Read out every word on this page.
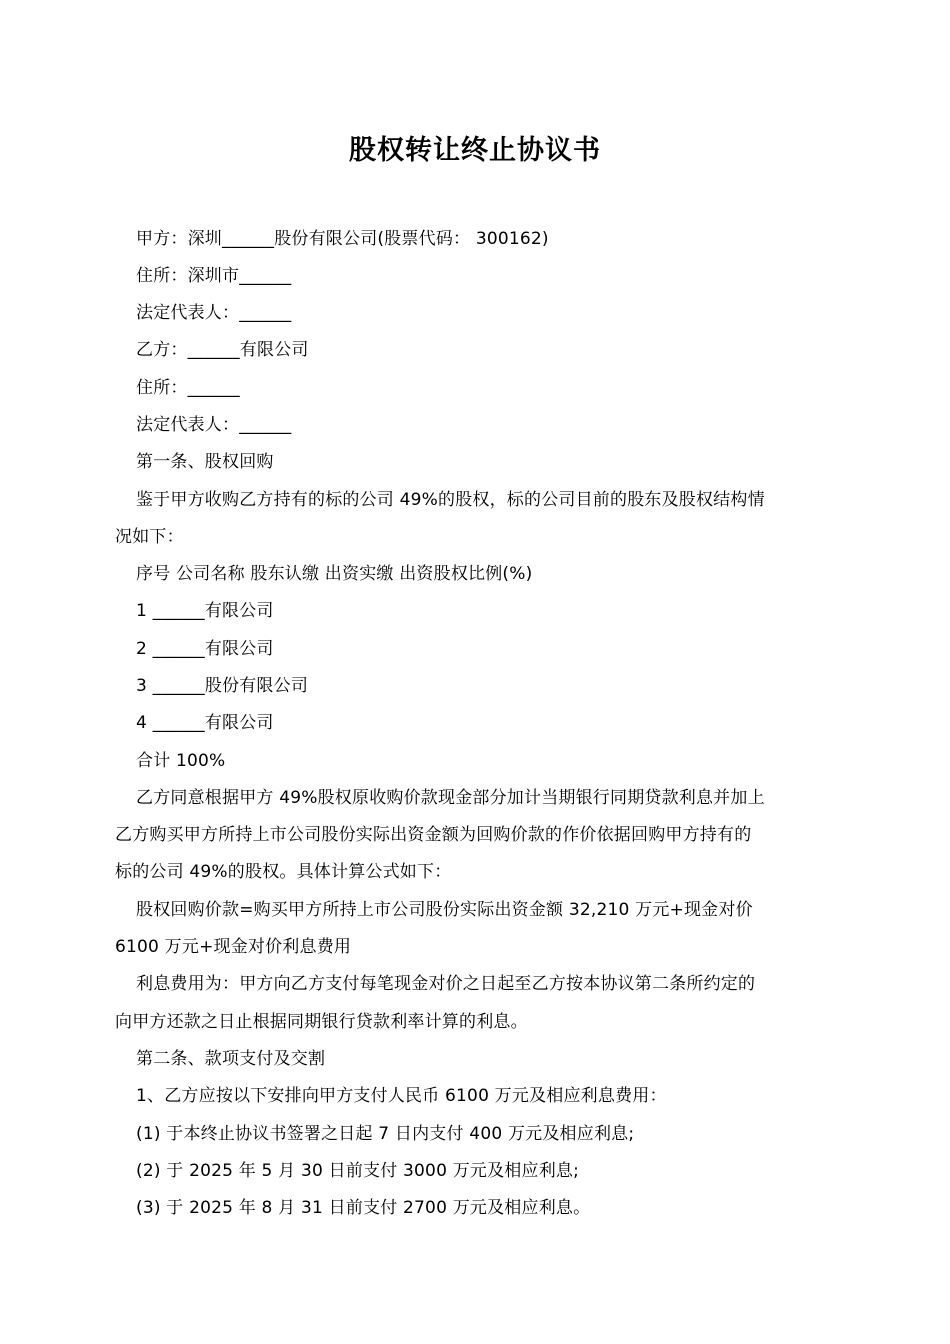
股权转让终止协议书
甲方：深圳______股份有限公司(股票代码： 300162)
住所：深圳市______
法定代表人：______
乙方：______有限公司
住所：______
法定代表人：______
第一条、股权回购
鉴于甲方收购乙方持有的标的公司 49%的股权，标的公司目前的股东及股权结构情
况如下：
序号 公司名称 股东认缴 出资实缴 出资股权比例(%)
1 ______有限公司
2 ______有限公司
3 ______股份有限公司
4 ______有限公司
合计 100%
乙方同意根据甲方 49%股权原收购价款现金部分加计当期银行同期贷款利息并加上
乙方购买甲方所持上市公司股份实际出资金额为回购价款的作价依据回购甲方持有的
标的公司 49%的股权。具体计算公式如下：
股权回购价款=购买甲方所持上市公司股份实际出资金额 32,210 万元+现金对价
6100 万元+现金对价利息费用
利息费用为：甲方向乙方支付每笔现金对价之日起至乙方按本协议第二条所约定的
向甲方还款之日止根据同期银行贷款利率计算的利息。
第二条、款项支付及交割
1、乙方应按以下安排向甲方支付人民币 6100 万元及相应利息费用：
(1) 于本终止协议书签署之日起 7 日内支付 400 万元及相应利息;
(2) 于 2025 年 5 月 30 日前支付 3000 万元及相应利息;
(3) 于 2025 年 8 月 31 日前支付 2700 万元及相应利息。
